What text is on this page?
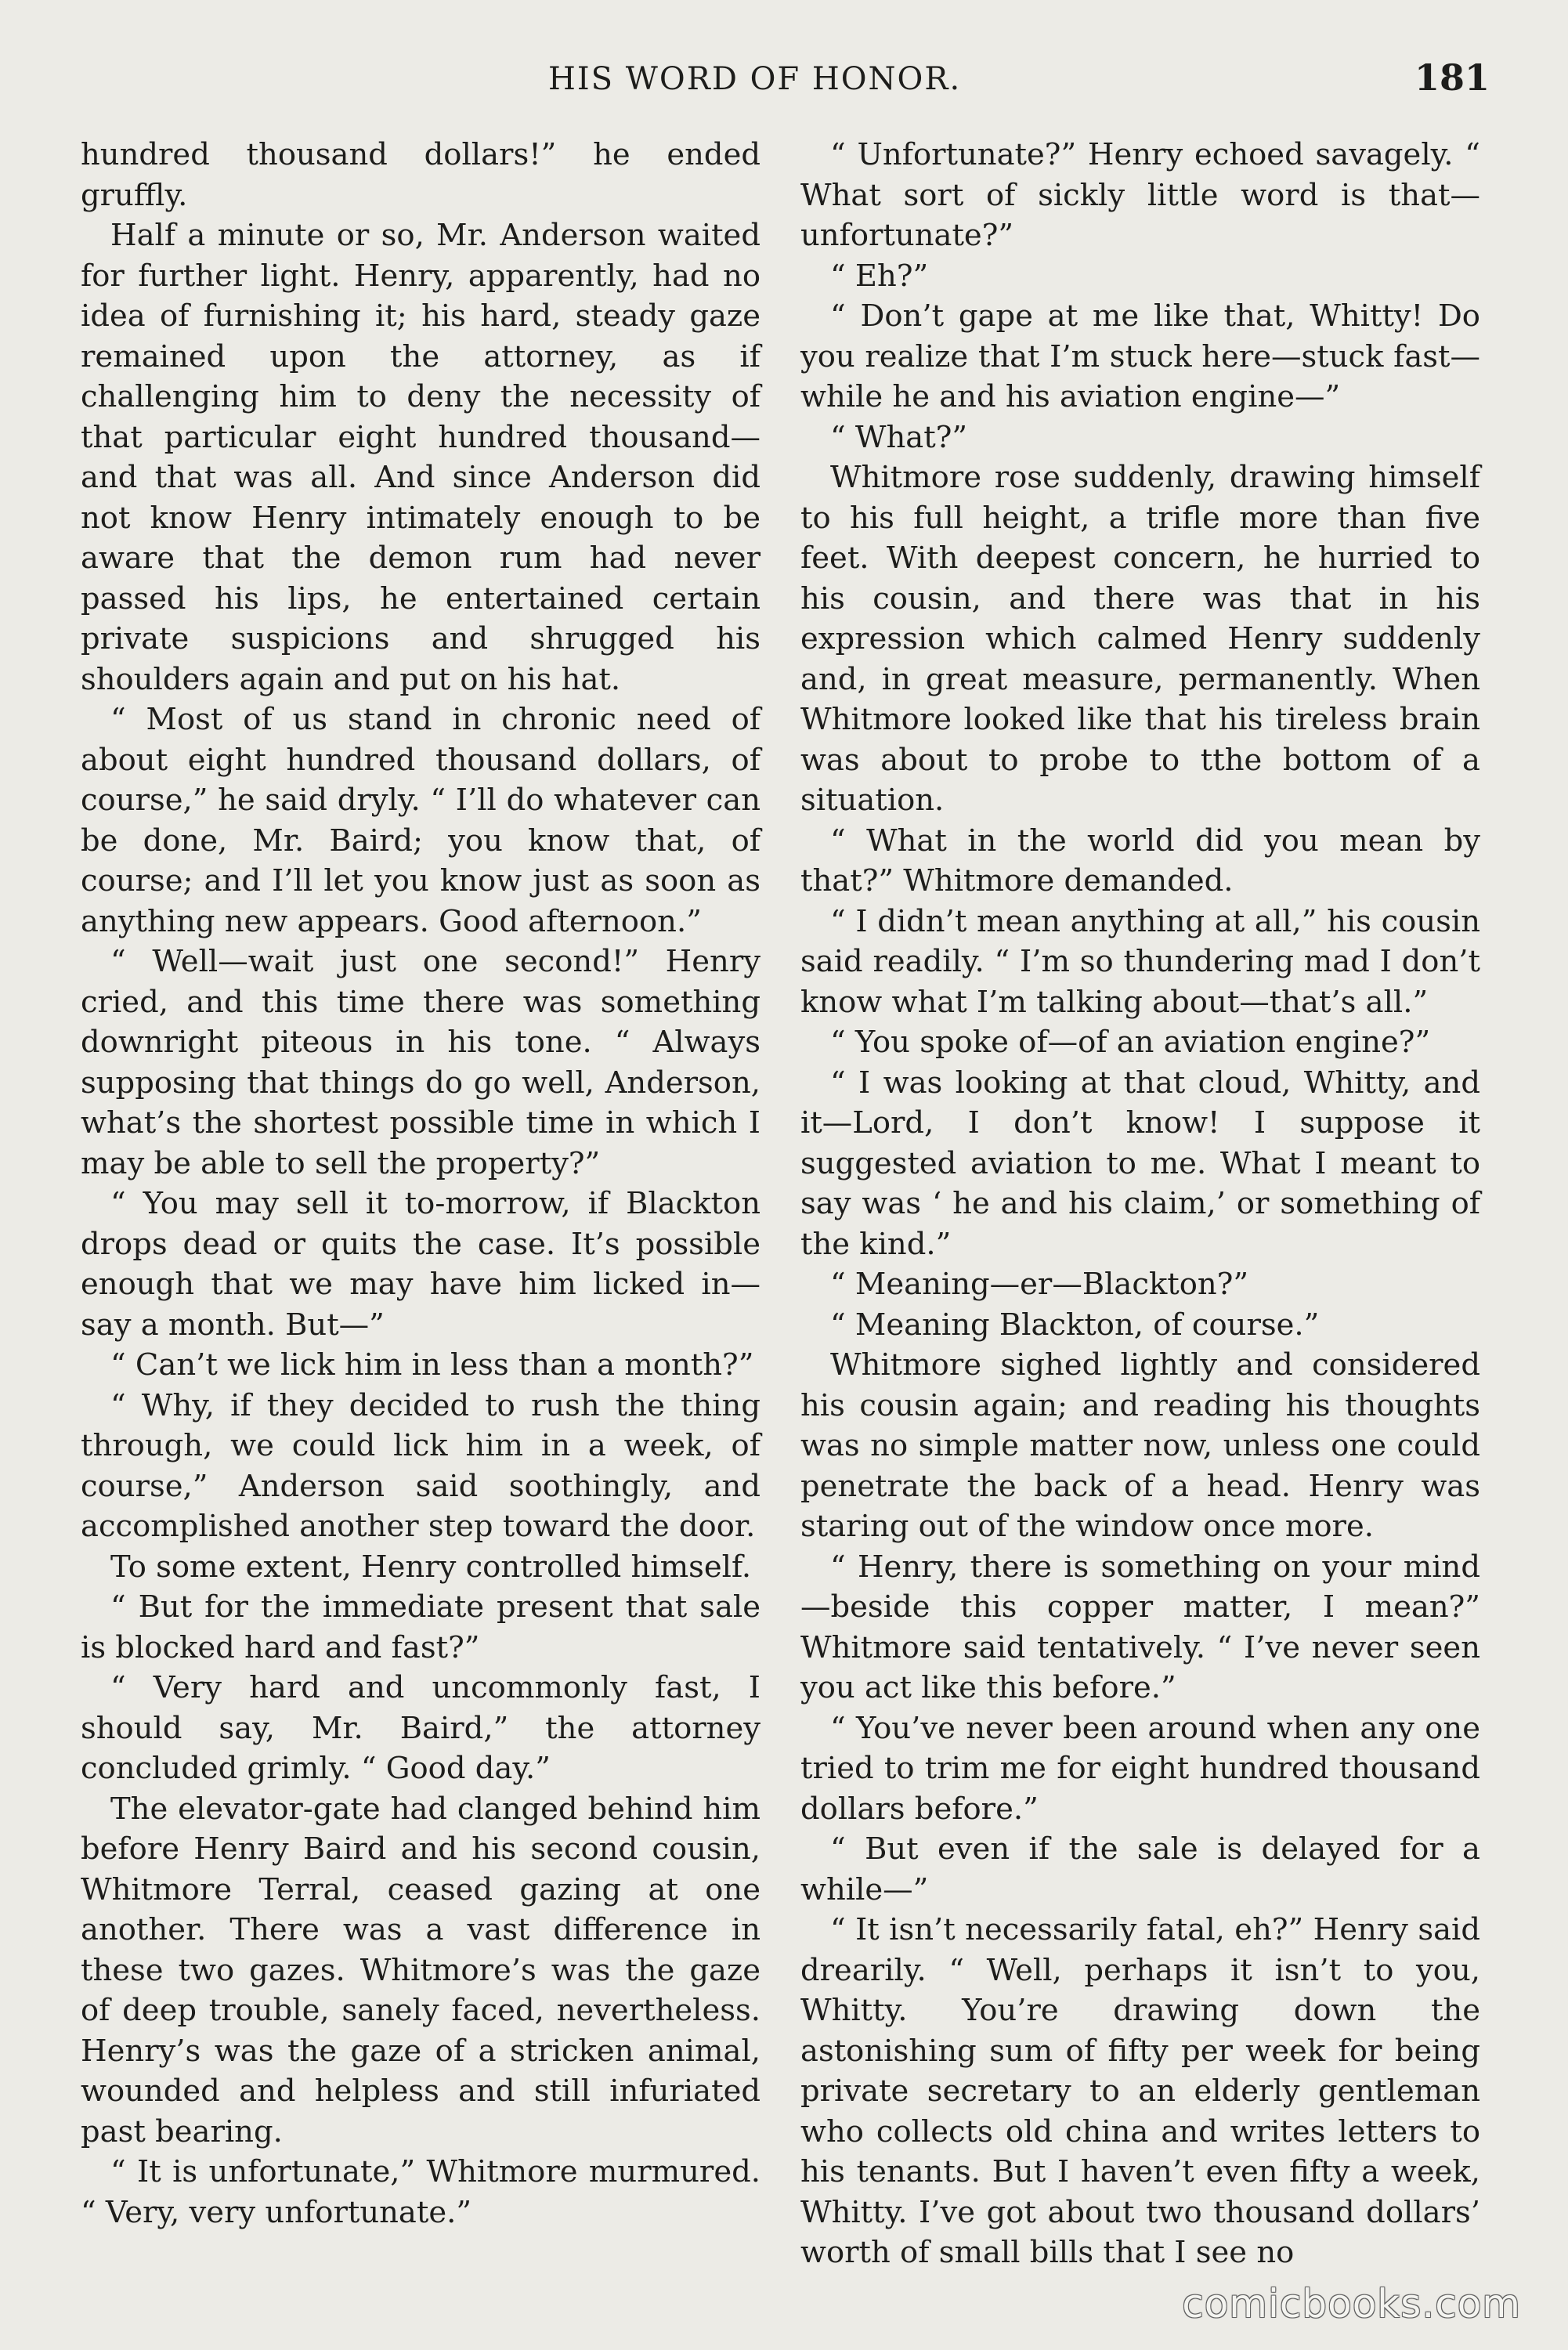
HIS WORD OF HONOR.	181

hundred thousand dollars!” he ended gruffly.

Half a minute or so, Mr. Anderson waited for further light. Henry, apparently, had no idea of furnishing it; his hard, steady gaze remained upon the attorney, as if challenging him to deny the necessity of that particular eight hundred thousand—and that was all. And since Anderson did not know Henry intimately enough to be aware that the demon rum had never passed his lips, he entertained certain private suspicions and shrugged his shoulders again and put on his hat.

“ Most of us stand in chronic need of about eight hundred thousand dollars, of course,” he said dryly. “ I’ll do whatever can be done, Mr. Baird; you know that, of course; and I’ll let you know just as soon as anything new appears. Good afternoon.”

“ Well—wait just one second!” Henry cried, and this time there was something downright piteous in his tone. “ Always supposing that things do go well, Anderson, what’s the shortest possible time in which I may be able to sell the property?”

“ You may sell it to-morrow, if Blackton drops dead or quits the case. It’s possible enough that we may have him licked in—say a month. But—”

“ Can’t we lick him in less than a month?”

“ Why, if they decided to rush the thing through, we could lick him in a week, of course,” Anderson said soothingly, and accomplished another step toward the door.

To some extent, Henry controlled himself.

“ But for the immediate present that sale is blocked hard and fast?”

“ Very hard and uncommonly fast, I should say, Mr. Baird,” the attorney concluded grimly. “ Good day.”

The elevator-gate had clanged behind him before Henry Baird and his second cousin, Whitmore Terral, ceased gazing at one another. There was a vast difference in these two gazes. Whitmore’s was the gaze of deep trouble, sanely faced, nevertheless. Henry’s was the gaze of a stricken animal, wounded and helpless and still infuriated past bearing.

“ It is unfortunate,” Whitmore murmured. “ Very, very unfortunate.”

“ Unfortunate?” Henry echoed savagely. “ What sort of sickly little word is that—unfortunate?”

“ Eh?”

“ Don’t gape at me like that, Whitty! Do you realize that I’m stuck here—stuck fast—while he and his aviation engine—”

“ What?”

Whitmore rose suddenly, drawing himself to his full height, a trifle more than five feet. With deepest concern, he hurried to his cousin, and there was that in his expression which calmed Henry suddenly and, in great measure, permanently. When Whitmore looked like that his tireless brain was about to probe to tthe bottom of a situation.

“ What in the world did you mean by that?” Whitmore demanded.

“ I didn’t mean anything at all,” his cousin said readily. “ I’m so thundering mad I don’t know what I’m talking about—that’s all.”

“ You spoke of—of an aviation engine?”

“ I was looking at that cloud, Whitty, and it—Lord, I don’t know! I suppose it suggested aviation to me. What I meant to say was ‘ he and his claim,’ or something of the kind.”

“ Meaning—er—Blackton?”

“ Meaning Blackton, of course.”

Whitmore sighed lightly and considered his cousin again; and reading his thoughts was no simple matter now, unless one could penetrate the back of a head. Henry was staring out of the window once more.

“ Henry, there is something on your mind —beside this copper matter, I mean?” Whitmore said tentatively. “ I’ve never seen you act like this before.”

“ You’ve never been around when any one tried to trim me for eight hundred thousand dollars before.”

“ But even if the sale is delayed for a while—”

“ It isn’t necessarily fatal, eh?” Henry said drearily. “ Well, perhaps it isn’t to you, Whitty. You’re drawing down the astonishing sum of fifty per week for being private secretary to an elderly gentleman who collects old china and writes letters to his tenants. But I haven’t even fifty a week, Whitty. I’ve got about two thousand dollars’ worth of small bills that I see no

comicbooks.com
